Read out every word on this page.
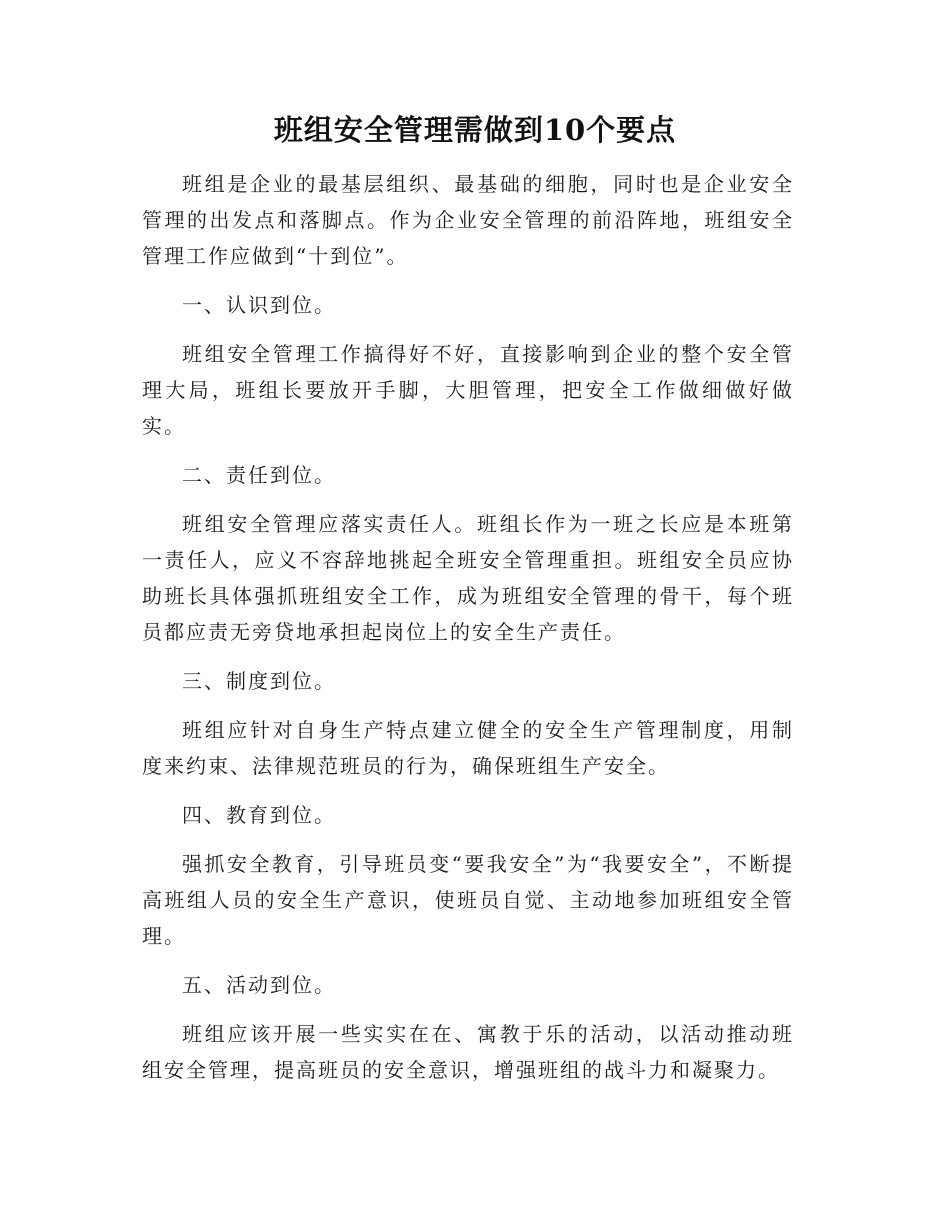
班组安全管理需做到10个要点

班组是企业的最基层组织、最基础的细胞，同时也是企业安全管理的出发点和落脚点。作为企业安全管理的前沿阵地，班组安全管理工作应做到“十到位”。

一、认识到位。

班组安全管理工作搞得好不好，直接影响到企业的整个安全管理大局，班组长要放开手脚，大胆管理，把安全工作做细做好做实。

二、责任到位。

班组安全管理应落实责任人。班组长作为一班之长应是本班第一责任人，应义不容辞地挑起全班安全管理重担。班组安全员应协助班长具体强抓班组安全工作，成为班组安全管理的骨干，每个班员都应责无旁贷地承担起岗位上的安全生产责任。

三、制度到位。

班组应针对自身生产特点建立健全的安全生产管理制度，用制度来约束、法律规范班员的行为，确保班组生产安全。

四、教育到位。

强抓安全教育，引导班员变“要我安全”为“我要安全”，不断提高班组人员的安全生产意识，使班员自觉、主动地参加班组安全管理。

五、活动到位。

班组应该开展一些实实在在、寓教于乐的活动，以活动推动班组安全管理，提高班员的安全意识，增强班组的战斗力和凝聚力。
